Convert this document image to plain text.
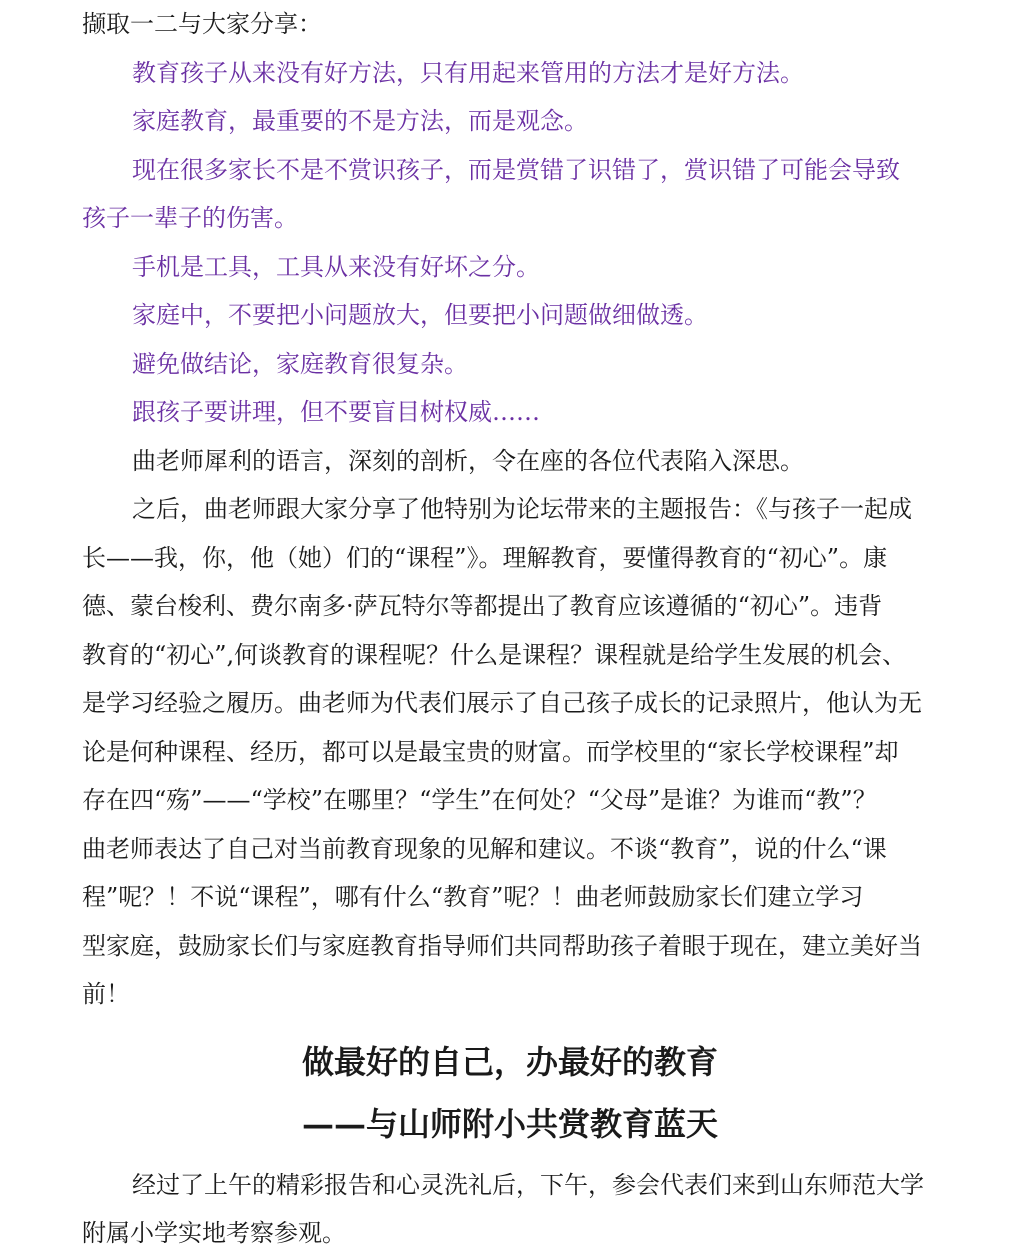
撷取一二与大家分享：

教育孩子从来没有好方法，只有用起来管用的方法才是好方法。

家庭教育，最重要的不是方法，而是观念。

现在很多家长不是不赏识孩子，而是赏错了识错了，赏识错了可能会导致

孩子一辈子的伤害。

手机是工具，工具从来没有好坏之分。

家庭中，不要把小问题放大，但要把小问题做细做透。

避免做结论，家庭教育很复杂。

跟孩子要讲理，但不要盲目树权威……

曲老师犀利的语言，深刻的剖析，令在座的各位代表陷入深思。

之后，曲老师跟大家分享了他特别为论坛带来的主题报告：《与孩子一起成

长——我，你，他（她）们的“课程”》。理解教育，要懂得教育的“初心”。康

德、蒙台梭利、费尔南多·萨瓦特尔等都提出了教育应该遵循的“初心”。违背

教育的“初心”,何谈教育的课程呢？什么是课程？课程就是给学生发展的机会、

是学习经验之履历。曲老师为代表们展示了自己孩子成长的记录照片，他认为无

论是何种课程、经历，都可以是最宝贵的财富。而学校里的“家长学校课程”却

存在四“殇”——“学校”在哪里？“学生”在何处？“父母”是谁？为谁而“教”？

曲老师表达了自己对当前教育现象的见解和建议。不谈“教育”，说的什么“课

程”呢？！不说“课程”，哪有什么“教育”呢？！曲老师鼓励家长们建立学习

型家庭，鼓励家长们与家庭教育指导师们共同帮助孩子着眼于现在，建立美好当

前！

做最好的自己，办最好的教育

——与山师附小共赏教育蓝天

经过了上午的精彩报告和心灵洗礼后，下午，参会代表们来到山东师范大学

附属小学实地考察参观。
